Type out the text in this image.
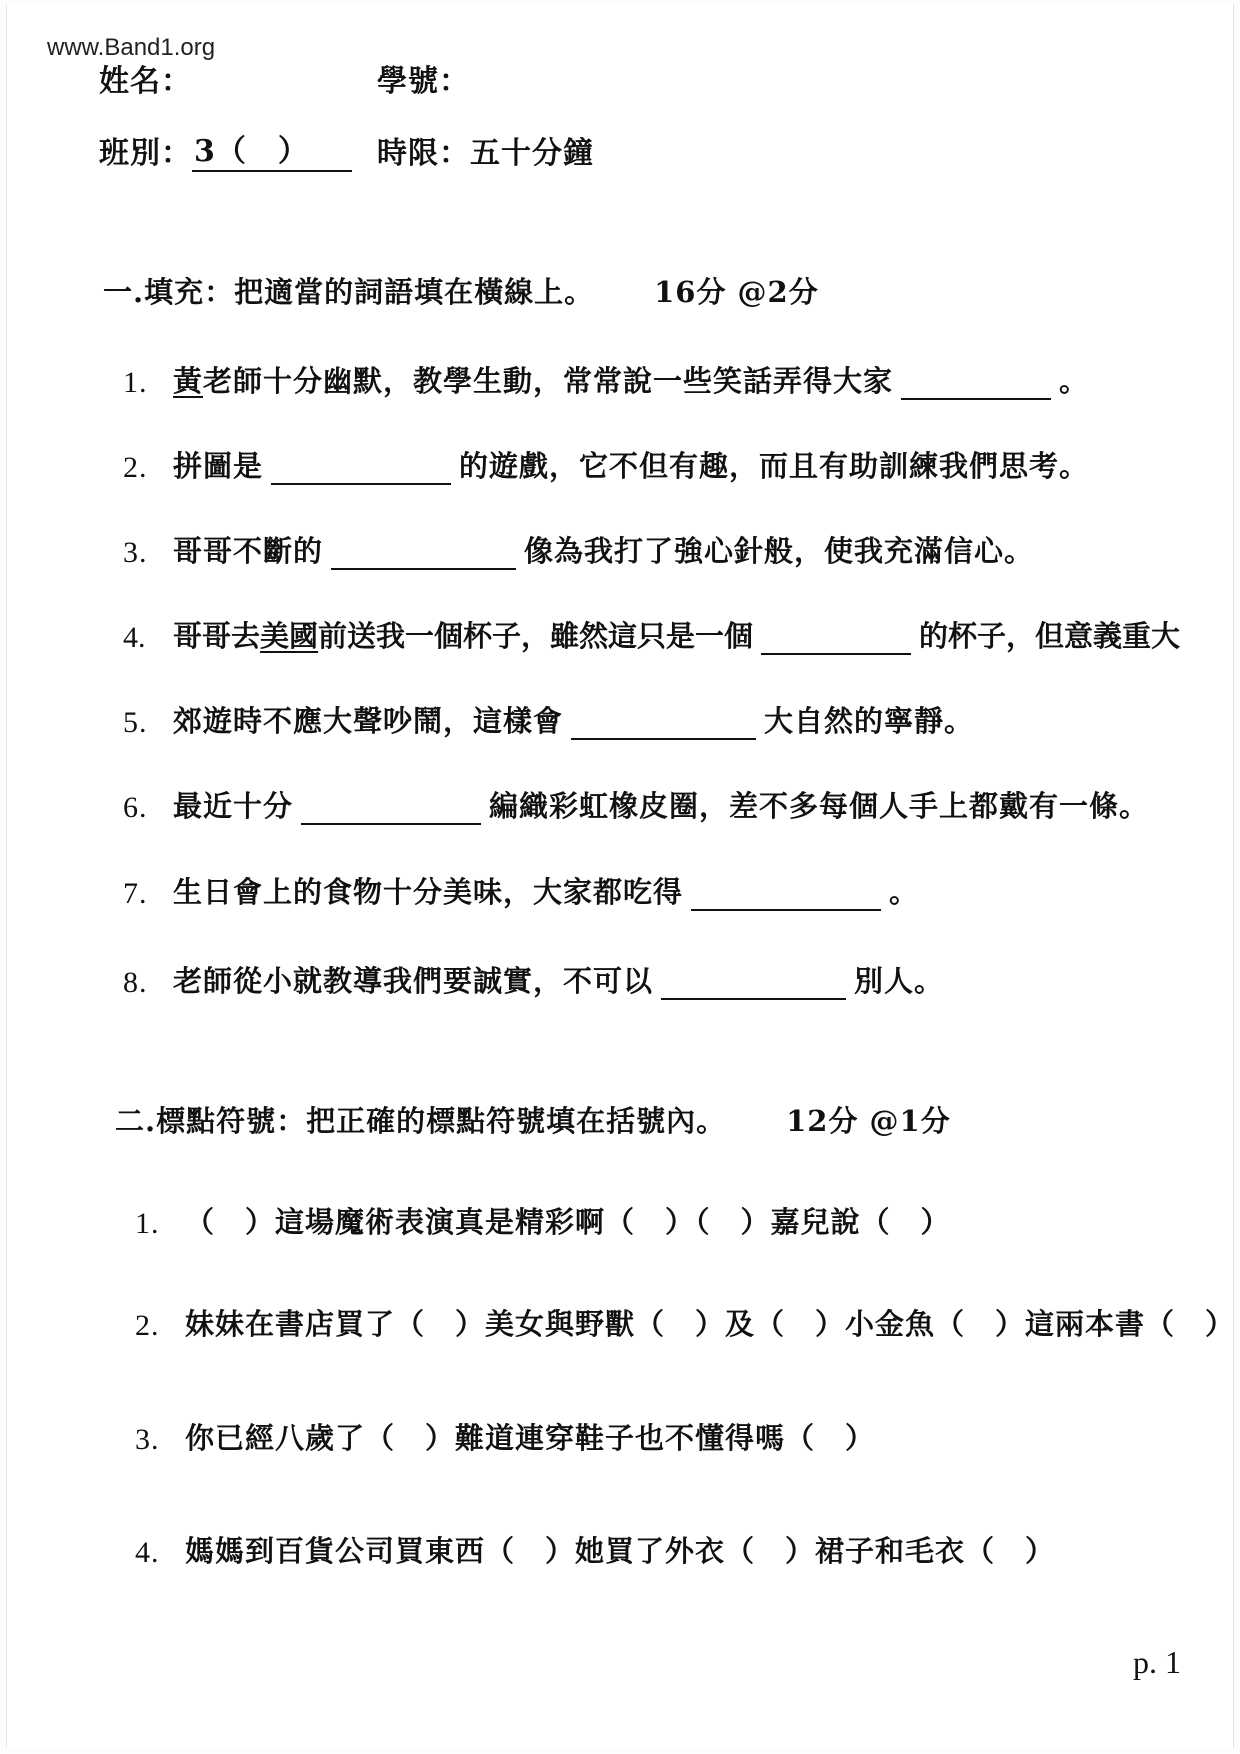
www.Band1.org
姓名：	學號：
班別： 3（　） 時限：五十分鐘
一.填充：把適當的詞語填在橫線上。 16分 @2分
1. 黃 老師十分幽默，教學生動，常常說一些笑話弄得大家	。
2. 拼圖是	的遊戲，它不但有趣，而且有助訓練我們思考。
3. 哥哥不斷的	像為我打了強心針般，使我充滿信心。
4. 哥哥去 美國 前送我一個杯子，雖然這只是一個	的杯子，但意義重大
5. 郊遊時不應大聲吵鬧，這樣會	大自然的寧靜。
6. 最近十分	編織彩虹橡皮圈，差不多每個人手上都戴有一條。
7. 生日會上的食物十分美味，大家都吃得	。
8. 老師從小就教導我們要誠實，不可以	別人。
二.標點符號：把正確的標點符號填在括號內。 12分 @1分
1. （　）這場魔術表演真是精彩啊（　）（　）嘉兒說（　）
2. 妹妹在書店買了（　）美女與野獸（　）及（　）小金魚（　）這兩本書（　）
3. 你已經八歲了（　）難道連穿鞋子也不懂得嗎（　）
4. 媽媽到百貨公司買東西（　）她買了外衣（　）裙子和毛衣（　）
p. 1
